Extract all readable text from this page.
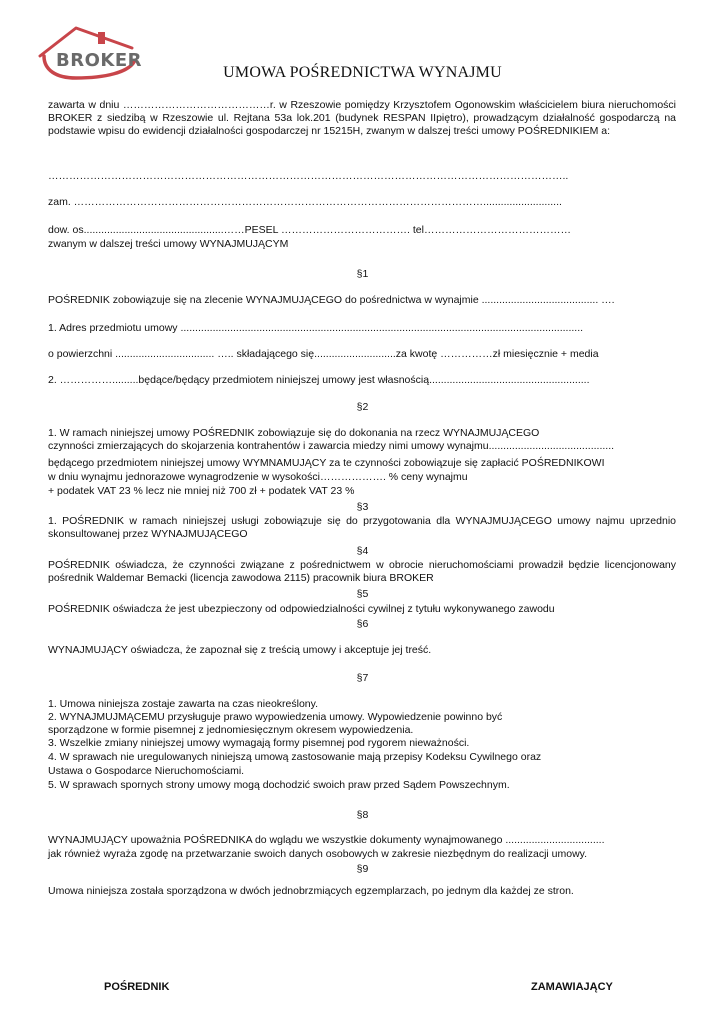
BROKER
UMOWA POŚREDNICTWA WYNAJMU
zawarta w dniu ……………………………………r. w Rzeszowie pomiędzy Krzysztofem Ogonowskim właścicielem biura nieruchomości BROKER z siedzibą w Rzeszowie ul. Rejtana 53a lok.201 (budynek RESPAN IIpiętro), prowadzącym działalność gospodarczą na podstawie wpisu do ewidencji działalności gospodarczej nr 15215H, zwanym w dalszej treści umowy POŚREDNIKIEM a:
…………………………………………………………………………………………………………………………………..
zam. ………………………………………………………………………………………………………...........................
dow. os................................................……PESEL ………………………………. tel……………………………………
zwanym w dalszej treści umowy WYNAJMUJĄCYM
§1
POŚREDNIK zobowiązuje się na zlecenie WYNAJMUJĄCEGO do pośrednictwa w wynajmie ........................................ ….
1. Adres przedmiotu umowy ..........................................................................................................................................
o powierzchni .................................. ….. składającego się............................za kwotę ……………zł miesięcznie + media
2. …………….........będące/będący przedmiotem niniejszej umowy jest własnością.......................................................
§2
1. W ramach niniejszej umowy POŚREDNIK zobowiązuje się do dokonania na rzecz WYNAJMUJĄCEGO
czynności zmierzających do skojarzenia kontrahentów i zawarcia miedzy nimi umowy wynajmu...........................................
będącego przedmiotem niniejszej umowy WYMNAMUJĄCY za te czynności zobowiązuje się zapłacić POŚREDNIKOWI
w dniu wynajmu jednorazowe wynagrodzenie w wysokości………………. % ceny wynajmu
+ podatek VAT 23 % lecz nie mniej niż 700 zł + podatek VAT 23 %
§3
1. POŚREDNIK w ramach niniejszej usługi zobowiązuje się do przygotowania dla WYNAJMUJĄCEGO umowy najmu uprzednio skonsultowanej przez WYNAJMUJĄCEGO
§4
POŚREDNIK oświadcza, że czynności związane z pośrednictwem w obrocie nieruchomościami prowadził będzie licencjonowany pośrednik Waldemar Bemacki (licencja zawodowa 2115) pracownik biura BROKER
§5
POŚREDNIK oświadcza że jest ubezpieczony od odpowiedzialności cywilnej z tytułu wykonywanego zawodu
§6
WYNAJMUJĄCY oświadcza, że zapoznał się z treścią umowy i akceptuje jej treść.
§7
1. Umowa niniejsza zostaje zawarta na czas nieokreślony.
2. WYNAJMUJMĄCEMU przysługuje prawo wypowiedzenia umowy. Wypowiedzenie powinno być
sporządzone w formie pisemnej z jednomiesięcznym okresem wypowiedzenia.
3. Wszelkie zmiany niniejszej umowy wymagają formy pisemnej pod rygorem nieważności.
4. W sprawach nie uregulowanych niniejszą umową zastosowanie mają przepisy Kodeksu Cywilnego oraz
Ustawa o Gospodarce Nieruchomościami.
5. W sprawach spornych strony umowy mogą dochodzić swoich praw przed Sądem Powszechnym.
§8
WYNAJMUJĄCY upoważnia POŚREDNIKA do wglądu we wszystkie dokumenty wynajmowanego ..................................
jak również wyraża zgodę na przetwarzanie swoich danych osobowych w zakresie niezbędnym do realizacji umowy.
§9
Umowa niniejsza została sporządzona w dwóch jednobrzmiących egzemplarzach, po jednym dla każdej ze stron.
POŚREDNIK	ZAMAWIAJĄCY
